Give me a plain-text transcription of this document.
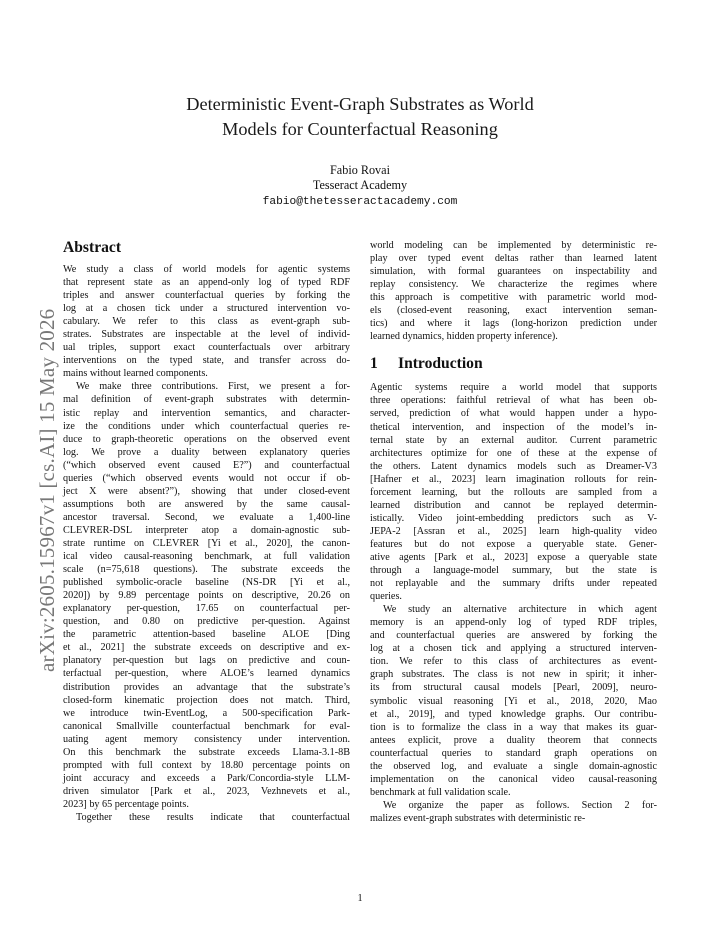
Deterministic Event-Graph Substrates as World
Models for Counterfactual Reasoning
Fabio Rovai
Tesseract Academy
fabio@thetesseractacademy.com
arXiv:2605.15967v1 [cs.AI] 15 May 2026
Abstract
We study a class of world models for agentic systems
that represent state as an append-only log of typed RDF
triples and answer counterfactual queries by forking the
log at a chosen tick under a structured intervention vo-
cabulary. We refer to this class as event-graph sub-
strates. Substrates are inspectable at the level of individ-
ual triples, support exact counterfactuals over arbitrary
interventions on the typed state, and transfer across do-
mains without learned components.
We make three contributions. First, we present a for-
mal definition of event-graph substrates with determin-
istic replay and intervention semantics, and character-
ize the conditions under which counterfactual queries re-
duce to graph-theoretic operations on the observed event
log. We prove a duality between explanatory queries
(“which observed event caused E?”) and counterfactual
queries (“which observed events would not occur if ob-
ject X were absent?”), showing that under closed-event
assumptions both are answered by the same causal-
ancestor traversal. Second, we evaluate a 1,400-line
CLEVRER-DSL interpreter atop a domain-agnostic sub-
strate runtime on CLEVRER [Yi et al., 2020], the canon-
ical video causal-reasoning benchmark, at full validation
scale (n=75,618 questions). The substrate exceeds the
published symbolic-oracle baseline (NS-DR [Yi et al.,
2020]) by 9.89 percentage points on descriptive, 20.26 on
explanatory per-question, 17.65 on counterfactual per-
question, and 0.80 on predictive per-question. Against
the parametric attention-based baseline ALOE [Ding
et al., 2021] the substrate exceeds on descriptive and ex-
planatory per-question but lags on predictive and coun-
terfactual per-question, where ALOE’s learned dynamics
distribution provides an advantage that the substrate’s
closed-form kinematic projection does not match. Third,
we introduce twin-EventLog, a 500-specification Park-
canonical Smallville counterfactual benchmark for eval-
uating agent memory consistency under intervention.
On this benchmark the substrate exceeds Llama-3.1-8B
prompted with full context by 18.80 percentage points on
joint accuracy and exceeds a Park/Concordia-style LLM-
driven simulator [Park et al., 2023, Vezhnevets et al.,
2023] by 65 percentage points.
Together these results indicate that counterfactual
world modeling can be implemented by deterministic re-
play over typed event deltas rather than learned latent
simulation, with formal guarantees on inspectability and
replay consistency. We characterize the regimes where
this approach is competitive with parametric world mod-
els (closed-event reasoning, exact intervention seman-
tics) and where it lags (long-horizon prediction under
learned dynamics, hidden property inference).
1 Introduction
Agentic systems require a world model that supports
three operations: faithful retrieval of what has been ob-
served, prediction of what would happen under a hypo-
thetical intervention, and inspection of the model’s in-
ternal state by an external auditor. Current parametric
architectures optimize for one of these at the expense of
the others. Latent dynamics models such as Dreamer-V3
[Hafner et al., 2023] learn imagination rollouts for rein-
forcement learning, but the rollouts are sampled from a
learned distribution and cannot be replayed determin-
istically. Video joint-embedding predictors such as V-
JEPA-2 [Assran et al., 2025] learn high-quality video
features but do not expose a queryable state. Gener-
ative agents [Park et al., 2023] expose a queryable state
through a language-model summary, but the state is
not replayable and the summary drifts under repeated
queries.
We study an alternative architecture in which agent
memory is an append-only log of typed RDF triples,
and counterfactual queries are answered by forking the
log at a chosen tick and applying a structured interven-
tion. We refer to this class of architectures as event-
graph substrates. The class is not new in spirit; it inher-
its from structural causal models [Pearl, 2009], neuro-
symbolic visual reasoning [Yi et al., 2018, 2020, Mao
et al., 2019], and typed knowledge graphs. Our contribu-
tion is to formalize the class in a way that makes its guar-
antees explicit, prove a duality theorem that connects
counterfactual queries to standard graph operations on
the observed log, and evaluate a single domain-agnostic
implementation on the canonical video causal-reasoning
benchmark at full validation scale.
We organize the paper as follows. Section 2 for-
malizes event-graph substrates with deterministic re-
1
